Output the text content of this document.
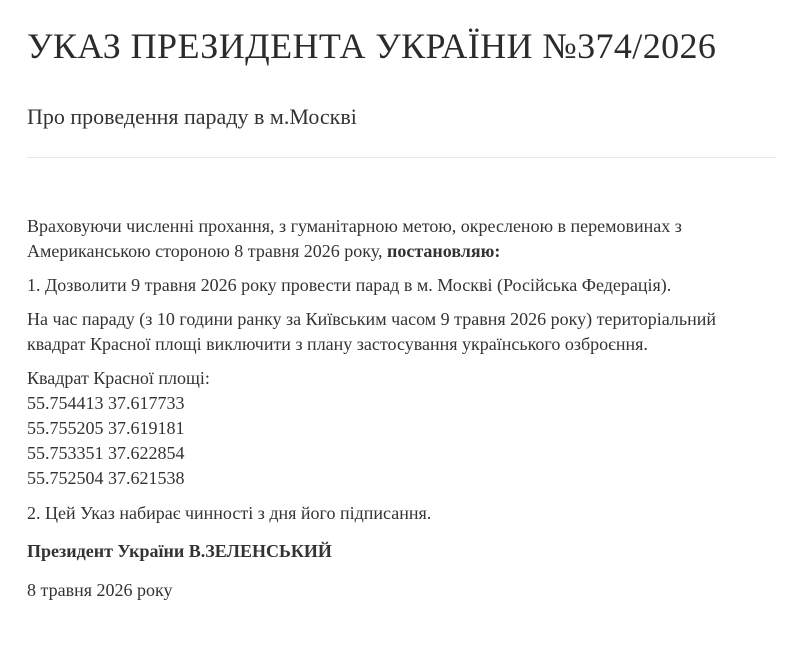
УКАЗ ПРЕЗИДЕНТА УКРАЇНИ №374/2026

Про проведення параду в м.Москві

Враховуючи численні прохання, з гуманітарною метою, окресленою в перемовинах з Американською стороною 8 травня 2026 року, постановляю:

1. Дозволити 9 травня 2026 року провести парад в м. Москві (Російська Федерація).

На час параду (з 10 години ранку за Київським часом 9 травня 2026 року) територіальний квадрат Красної площі виключити з плану застосування українського озброєння.

Квадрат Красної площі:
55.754413 37.617733
55.755205 37.619181
55.753351 37.622854
55.752504 37.621538

2. Цей Указ набирає чинності з дня його підписання.

Президент України В.ЗЕЛЕНСЬКИЙ

8 травня 2026 року
